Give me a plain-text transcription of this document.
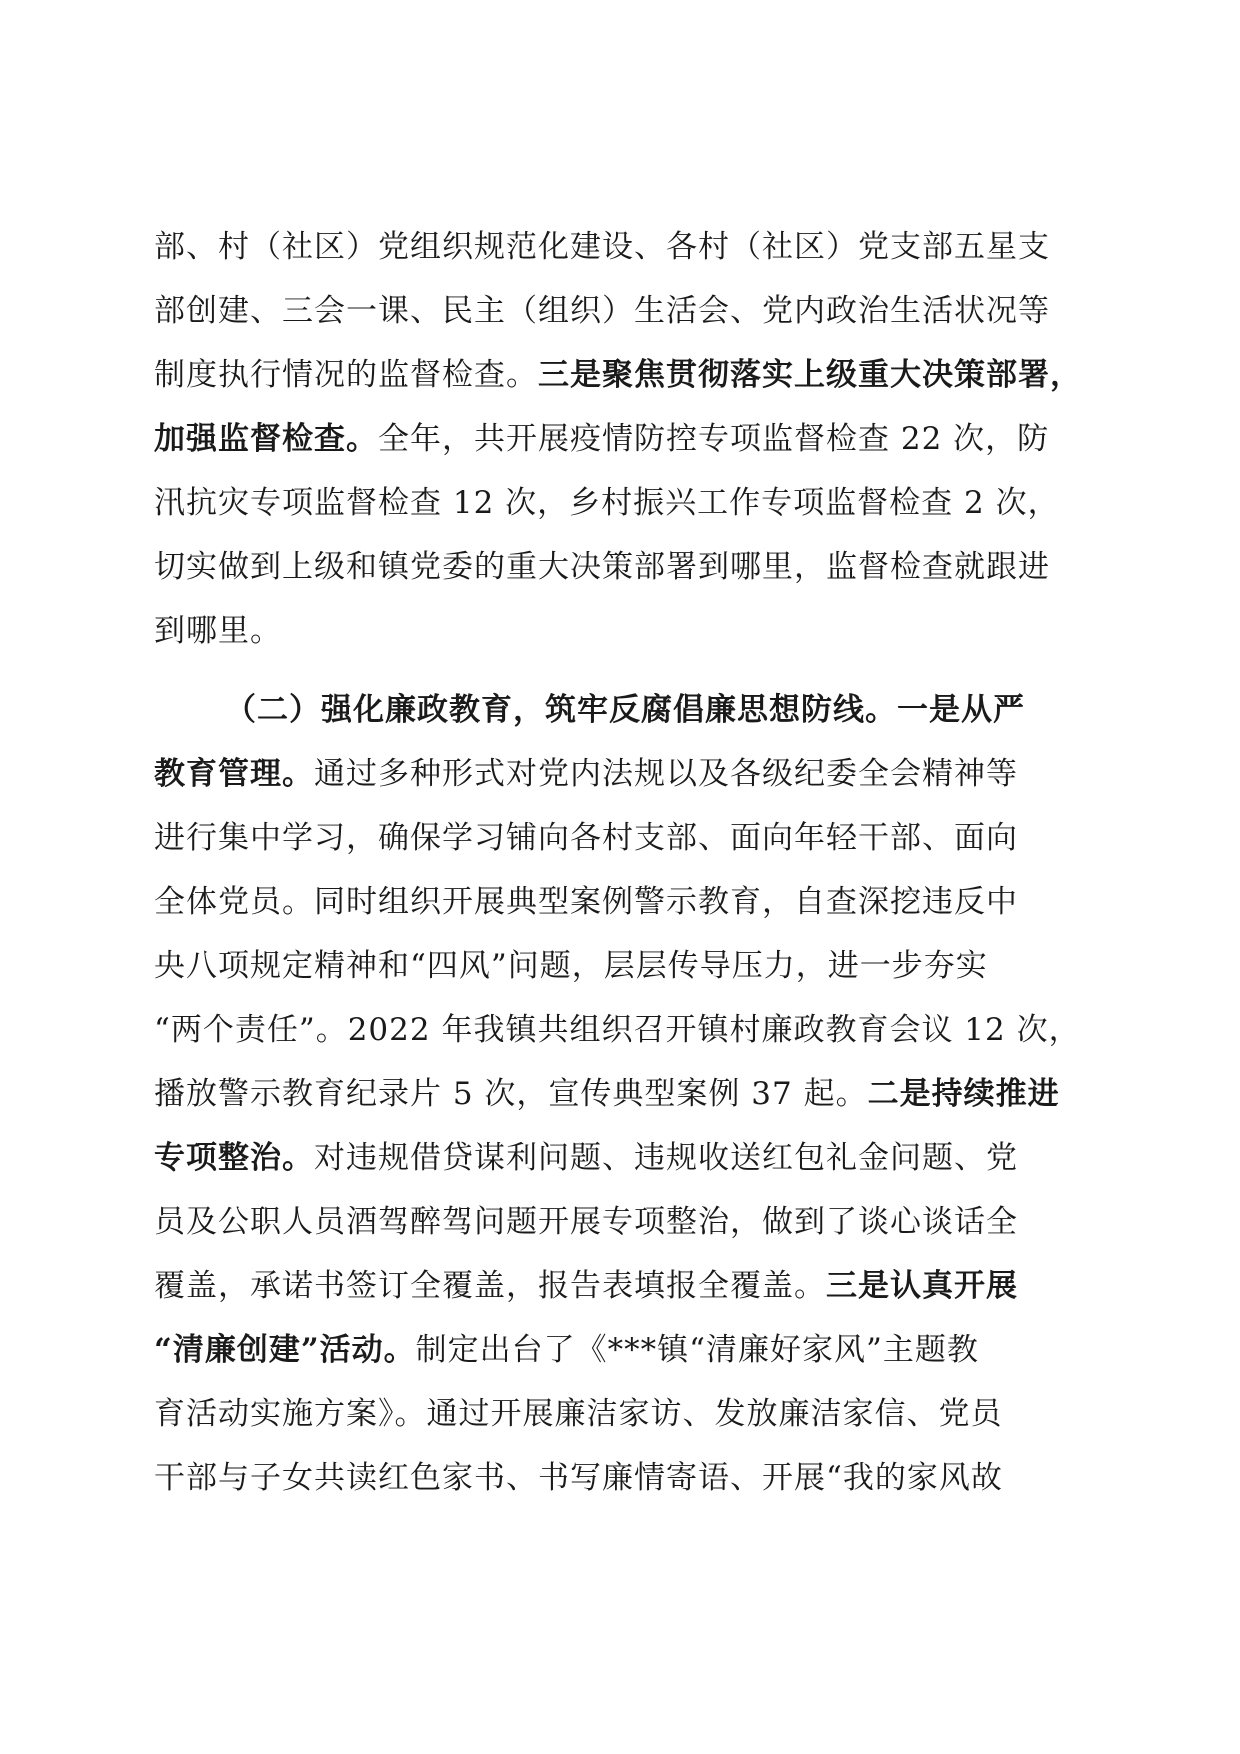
部、村（社区）党组织规范化建设、各村（社区）党支部五星支
部创建、三会一课、民主（组织）生活会、党内政治生活状况等
制度执行情况的监督检查。三是聚焦贯彻落实上级重大决策部署，
加强监督检查。全年，共开展疫情防控专项监督检查 22 次，防
汛抗灾专项监督检查 12 次，乡村振兴工作专项监督检查 2 次，
切实做到上级和镇党委的重大决策部署到哪里，监督检查就跟进
到哪里。
（二）强化廉政教育，筑牢反腐倡廉思想防线。一是从严
教育管理。通过多种形式对党内法规以及各级纪委全会精神等
进行集中学习，确保学习铺向各村支部、面向年轻干部、面向
全体党员。同时组织开展典型案例警示教育，自查深挖违反中
央八项规定精神和“四风”问题，层层传导压力，进一步夯实
“两个责任”。2022 年我镇共组织召开镇村廉政教育会议 12 次，
播放警示教育纪录片 5 次，宣传典型案例 37 起。二是持续推进
专项整治。对违规借贷谋利问题、违规收送红包礼金问题、党
员及公职人员酒驾醉驾问题开展专项整治，做到了谈心谈话全
覆盖，承诺书签订全覆盖，报告表填报全覆盖。三是认真开展
“清廉创建”活动。制定出台了《***镇“清廉好家风”主题教
育活动实施方案》。通过开展廉洁家访、发放廉洁家信、党员
干部与子女共读红色家书、书写廉情寄语、开展“我的家风故
